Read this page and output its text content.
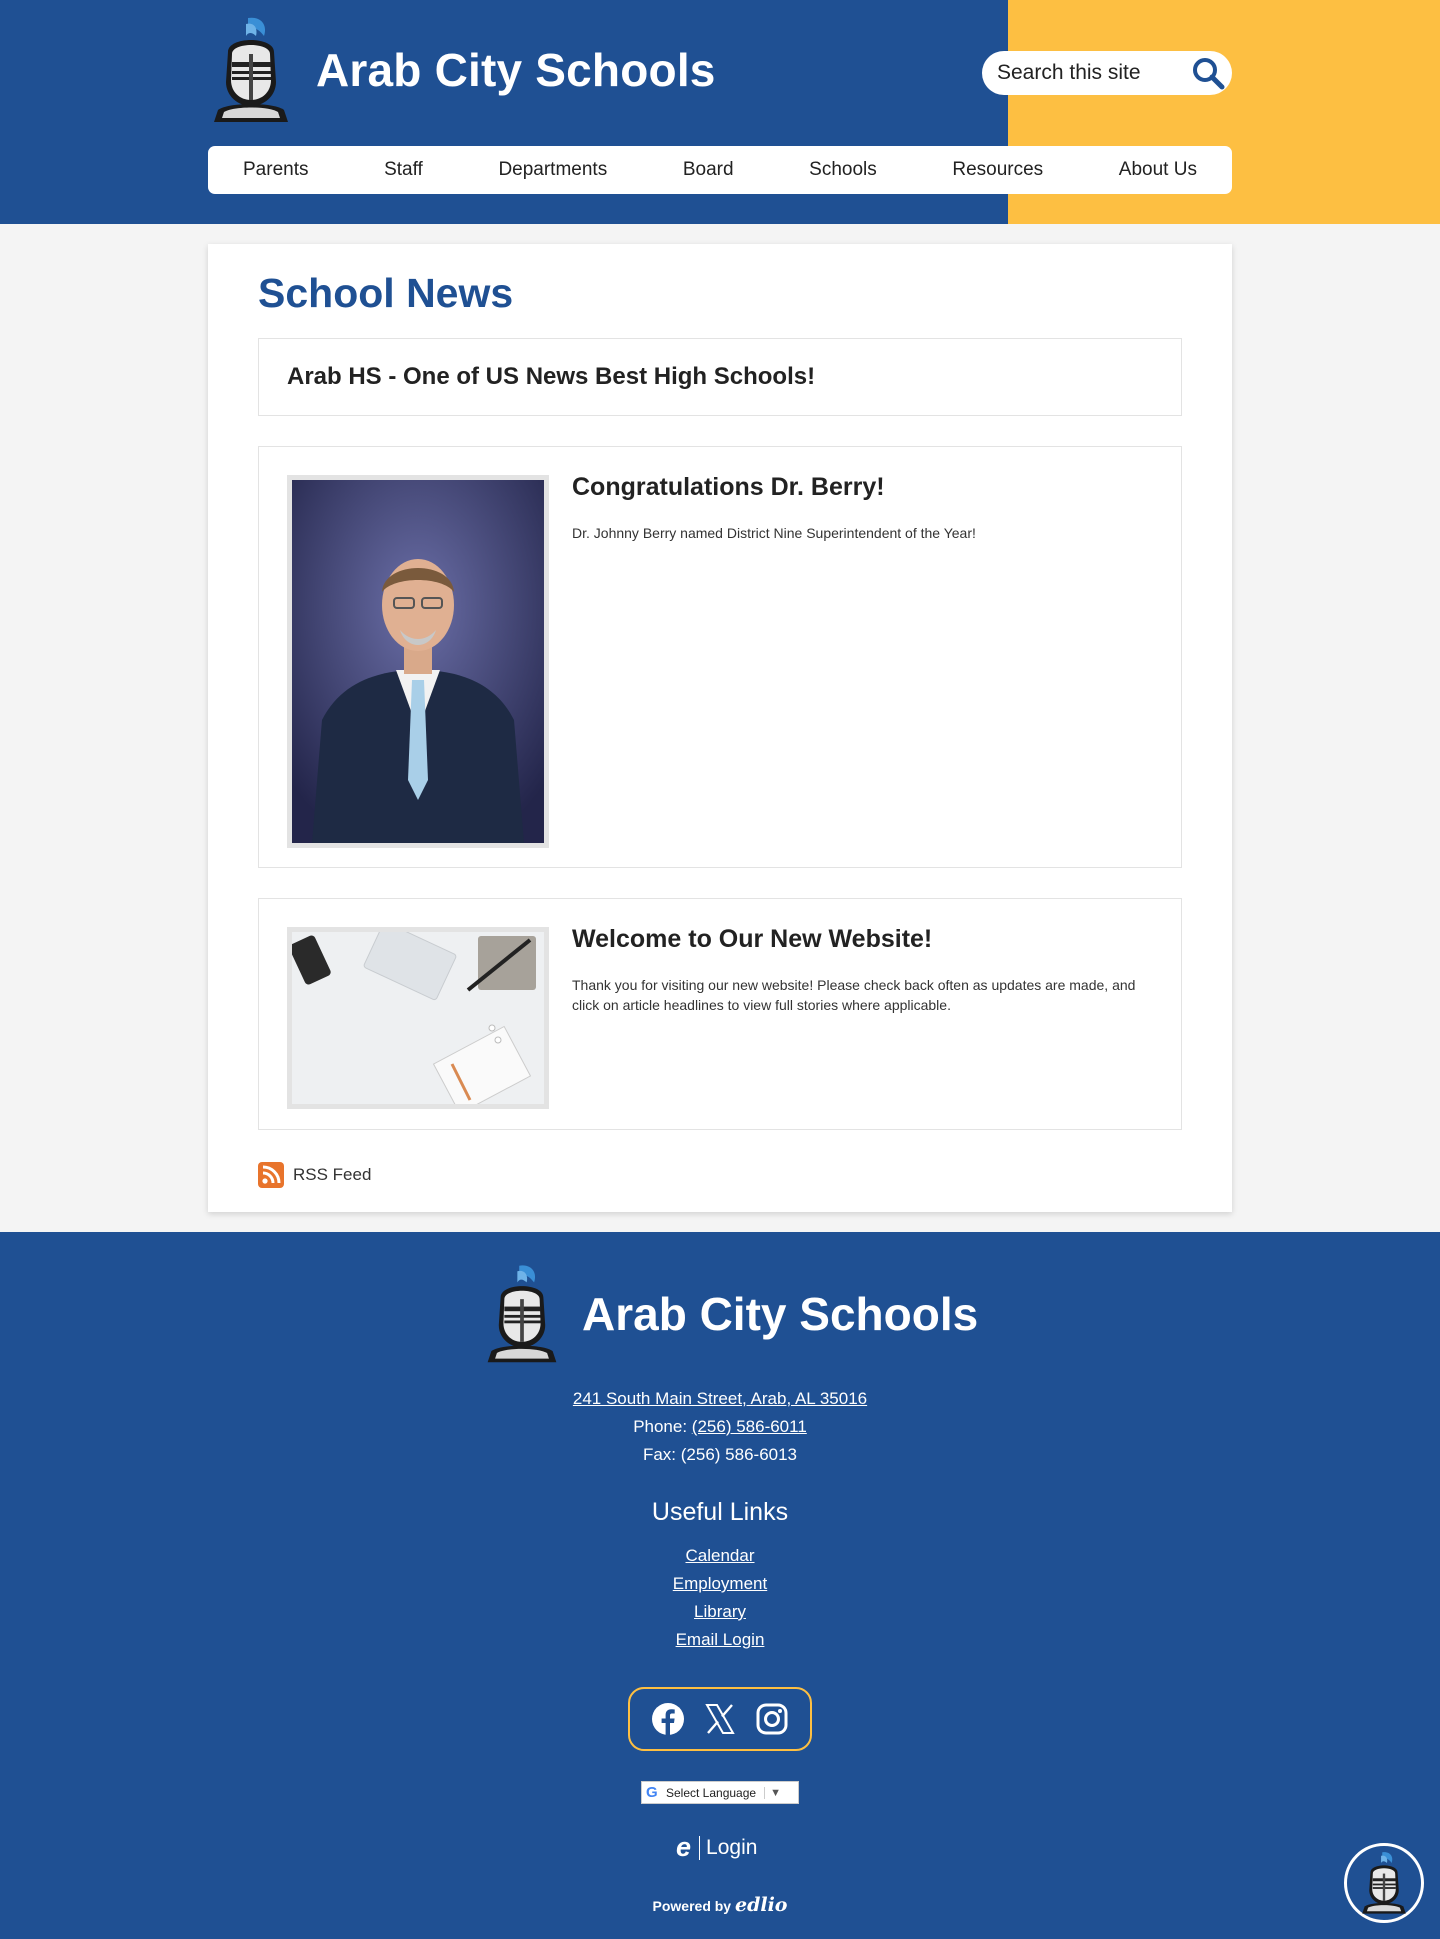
Arab City Schools
Search this site
Parents	Staff	Departments	Board	Schools	Resources	About Us
School News
Arab HS - One of US News Best High Schools!
Congratulations Dr. Berry!

Dr. Johnny Berry named District Nine Superintendent of the Year!

Welcome to Our New Website!

Thank you for visiting our new website! Please check back often as updates are made, and click on article headlines to view full stories where applicable.

RSS Feed
Arab City Schools
241 South Main Street, Arab, AL 35016
Phone: (256) 586-6011
Fax: (256) 586-6013
Useful Links
Calendar
Employment
Library
Email Login
G Select Language	▼
e Login
Powered by edlio
